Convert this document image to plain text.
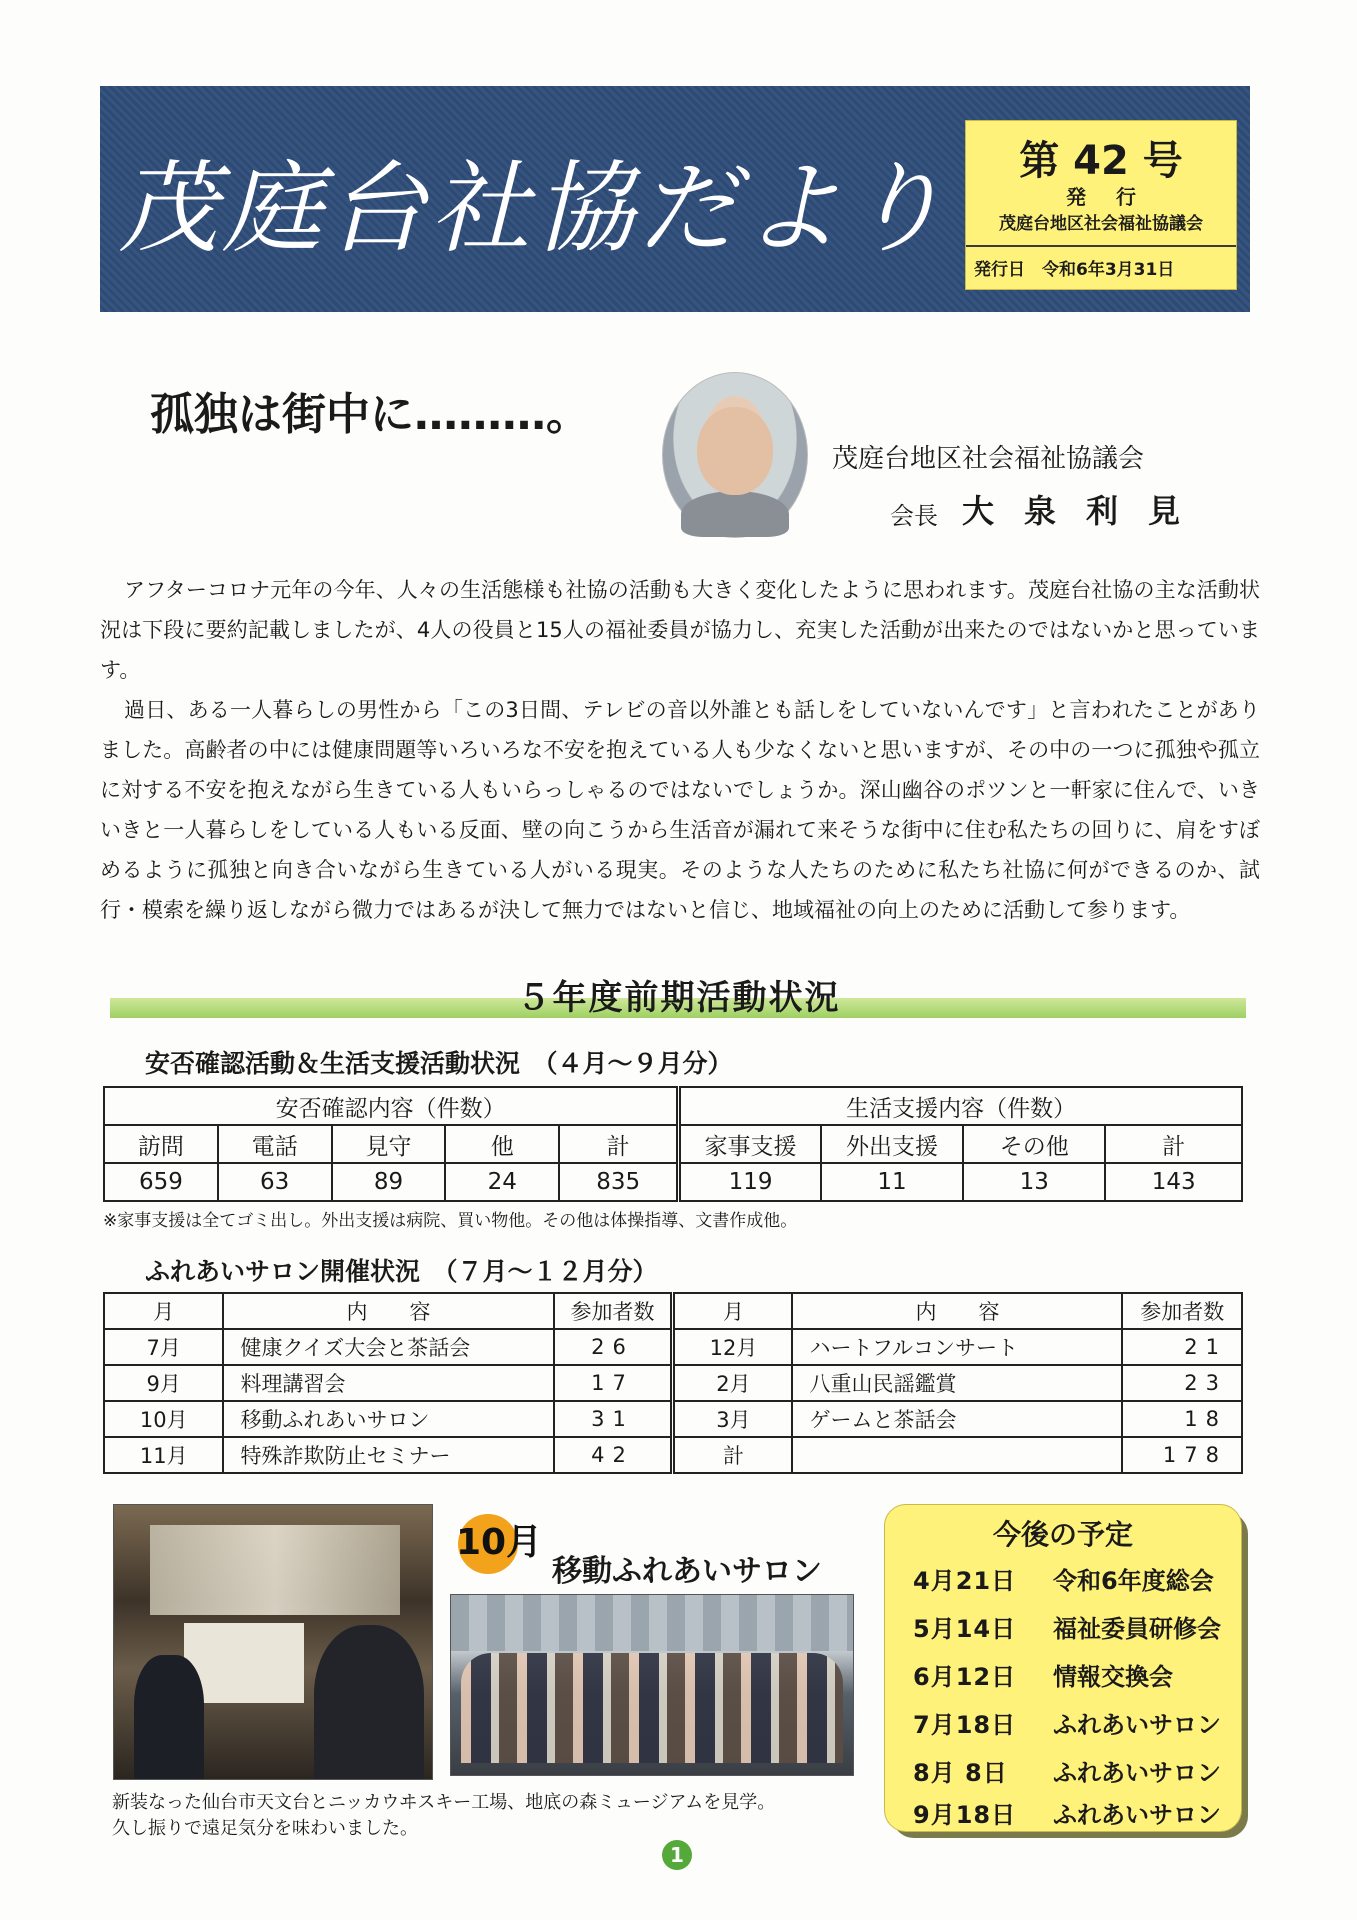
茂庭台社協だより	第 42 号
発行
茂庭台地区社会福祉協議会
発行日　令和6年3月31日
孤独は街中に………。
茂庭台地区社会福祉協議会
会長 大泉利見

アフターコロナ元年の今年、人々の生活態様も社協の活動も大きく変化したように思われます。茂庭台社協の主な活動状況は下段に要約記載しましたが、4人の役員と15人の福祉委員が協力し、充実した活動が出来たのではないかと思っています。

過日、ある一人暮らしの男性から「この3日間、テレビの音以外誰とも話しをしていないんです」と言われたことがありました。高齢者の中には健康問題等いろいろな不安を抱えている人も少なくないと思いますが、その中の一つに孤独や孤立に対する不安を抱えながら生きている人もいらっしゃるのではないでしょうか。深山幽谷のポツンと一軒家に住んで、いきいきと一人暮らしをしている人もいる反面、壁の向こうから生活音が漏れて来そうな街中に住む私たちの回りに、肩をすぼめるように孤独と向き合いながら生きている人がいる現実。そのような人たちのために私たち社協に何ができるのか、試行・模索を繰り返しながら微力ではあるが決して無力ではないと信じ、地域福祉の向上のために活動して参ります。

５年度前期活動状況
安否確認活動＆生活支援活動状況　（４月～９月分）
安否確認内容（件数）					生活支援内容（件数）			
訪問	電話	見守	他	計	家事支援	外出支援	その他	計
659	63	89	24	835	119	11	13	143
※家事支援は全てゴミ出し。外出支援は病院、買い物他。その他は体操指導、文書作成他。
ふれあいサロン開催状況　（７月～１２月分）
月	内　　容	参加者数	月	内　　容	参加者数
7月	健康クイズ大会と茶話会	26	12月	ハートフルコンサート	21
9月	料理講習会	17	2月	八重山民謡鑑賞	23
10月	移動ふれあいサロン	31	3月	ゲームと茶話会	18
11月	特殊詐欺防止セミナー	42	計		178
10月
移動ふれあいサロン
新装なった仙台市天文台とニッカウヰスキー工場、地底の森ミュージアムを見学。
久し振りで遠足気分を味わいました。
今後の予定
4月21日 令和6年度総会
5月14日 福祉委員研修会
6月12日 情報交換会
7月18日 ふれあいサロン
8月 8日 ふれあいサロン
9月18日 ふれあいサロン
1
